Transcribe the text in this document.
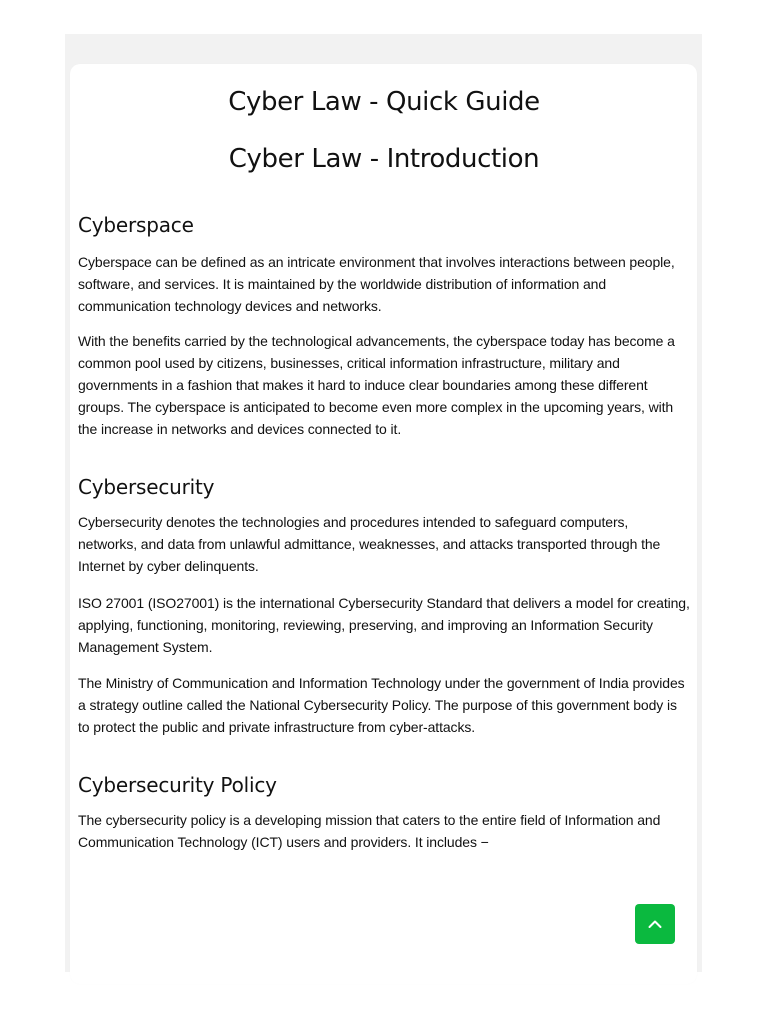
Cyber Law - Quick Guide
Cyber Law - Introduction
Cyberspace

Cyberspace can be defined as an intricate environment that involves interactions between people, software, and services. It is maintained by the worldwide distribution of information and communication technology devices and networks.

With the benefits carried by the technological advancements, the cyberspace today has become a common pool used by citizens, businesses, critical information infrastructure, military and governments in a fashion that makes it hard to induce clear boundaries among these different groups. The cyberspace is anticipated to become even more complex in the upcoming years, with the increase in networks and devices connected to it.

Cybersecurity

Cybersecurity denotes the technologies and procedures intended to safeguard computers, networks, and data from unlawful admittance, weaknesses, and attacks transported through the Internet by cyber delinquents.

ISO 27001 (ISO27001) is the international Cybersecurity Standard that delivers a model for creating, applying, functioning, monitoring, reviewing, preserving, and improving an Information Security Management System.

The Ministry of Communication and Information Technology under the government of India provides a strategy outline called the National Cybersecurity Policy. The purpose of this government body is to protect the public and private infrastructure from cyber-attacks.

Cybersecurity Policy

The cybersecurity policy is a developing mission that caters to the entire field of Information and Communication Technology (ICT) users and providers. It includes −
